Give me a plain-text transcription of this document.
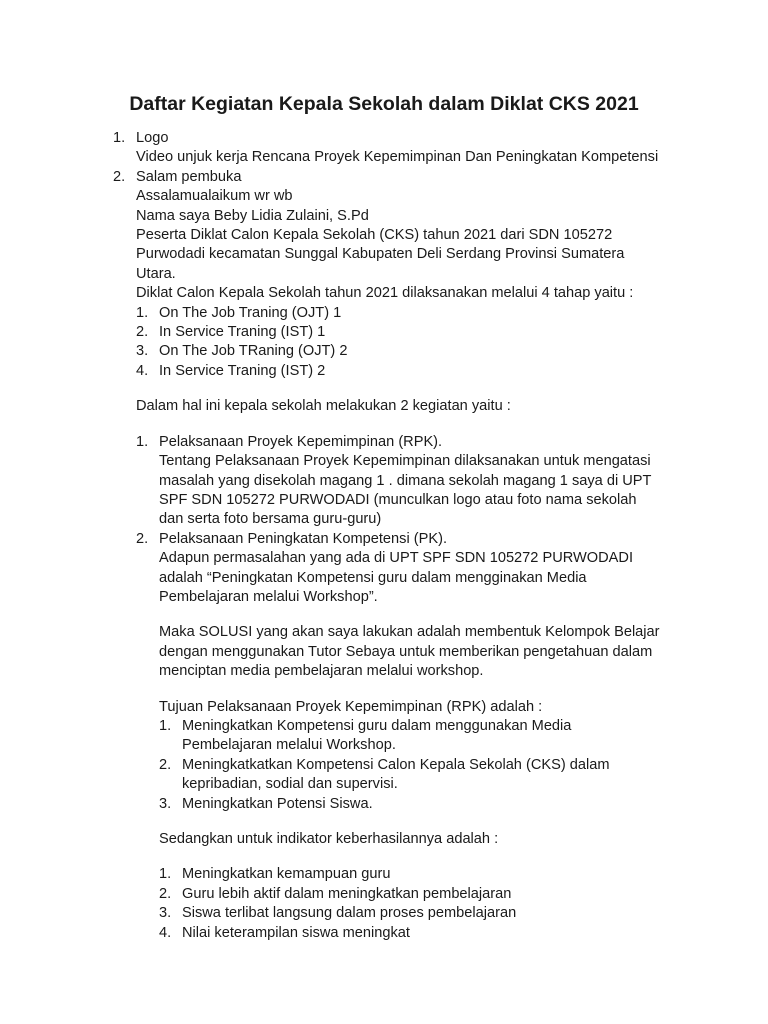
Daftar Kegiatan Kepala Sekolah dalam Diklat CKS 2021
1. Logo
Video unjuk kerja Rencana Proyek Kepemimpinan Dan Peningkatan Kompetensi
2. Salam pembuka
Assalamualaikum wr wb
Nama saya Beby Lidia Zulaini, S.Pd
Peserta Diklat Calon Kepala Sekolah (CKS) tahun 2021 dari SDN 105272
Purwodadi kecamatan Sunggal Kabupaten Deli Serdang Provinsi Sumatera
Utara.
Diklat Calon Kepala Sekolah tahun 2021 dilaksanakan melalui 4 tahap yaitu :
1. On The Job Traning (OJT) 1
2. In Service Traning (IST) 1
3. On The Job TRaning (OJT) 2
4. In Service Traning (IST) 2
Dalam hal ini kepala sekolah melakukan 2 kegiatan yaitu :
1. Pelaksanaan Proyek Kepemimpinan (RPK).
Tentang Pelaksanaan Proyek Kepemimpinan dilaksanakan untuk mengatasi
masalah yang disekolah magang 1 . dimana sekolah magang 1 saya di UPT
SPF SDN 105272 PURWODADI (munculkan logo atau foto nama sekolah
dan serta foto bersama guru-guru)
2. Pelaksanaan Peningkatan Kompetensi (PK).
Adapun permasalahan yang ada di UPT SPF SDN 105272 PURWODADI
adalah “Peningkatan Kompetensi guru dalam mengginakan Media
Pembelajaran melalui Workshop”.
Maka SOLUSI yang akan saya lakukan adalah membentuk Kelompok Belajar
dengan menggunakan Tutor Sebaya untuk memberikan pengetahuan dalam
menciptan media pembelajaran melalui workshop.
Tujuan Pelaksanaan Proyek Kepemimpinan (RPK) adalah :
1. Meningkatkan Kompetensi guru dalam menggunakan Media
Pembelajaran melalui Workshop.
2. Meningkatkatkan Kompetensi Calon Kepala Sekolah (CKS) dalam
kepribadian, sodial dan supervisi.
3. Meningkatkan Potensi Siswa.
Sedangkan untuk indikator keberhasilannya adalah :
1. Meningkatkan kemampuan guru
2. Guru lebih aktif dalam meningkatkan pembelajaran
3. Siswa terlibat langsung dalam proses pembelajaran
4. Nilai keterampilan siswa meningkat
